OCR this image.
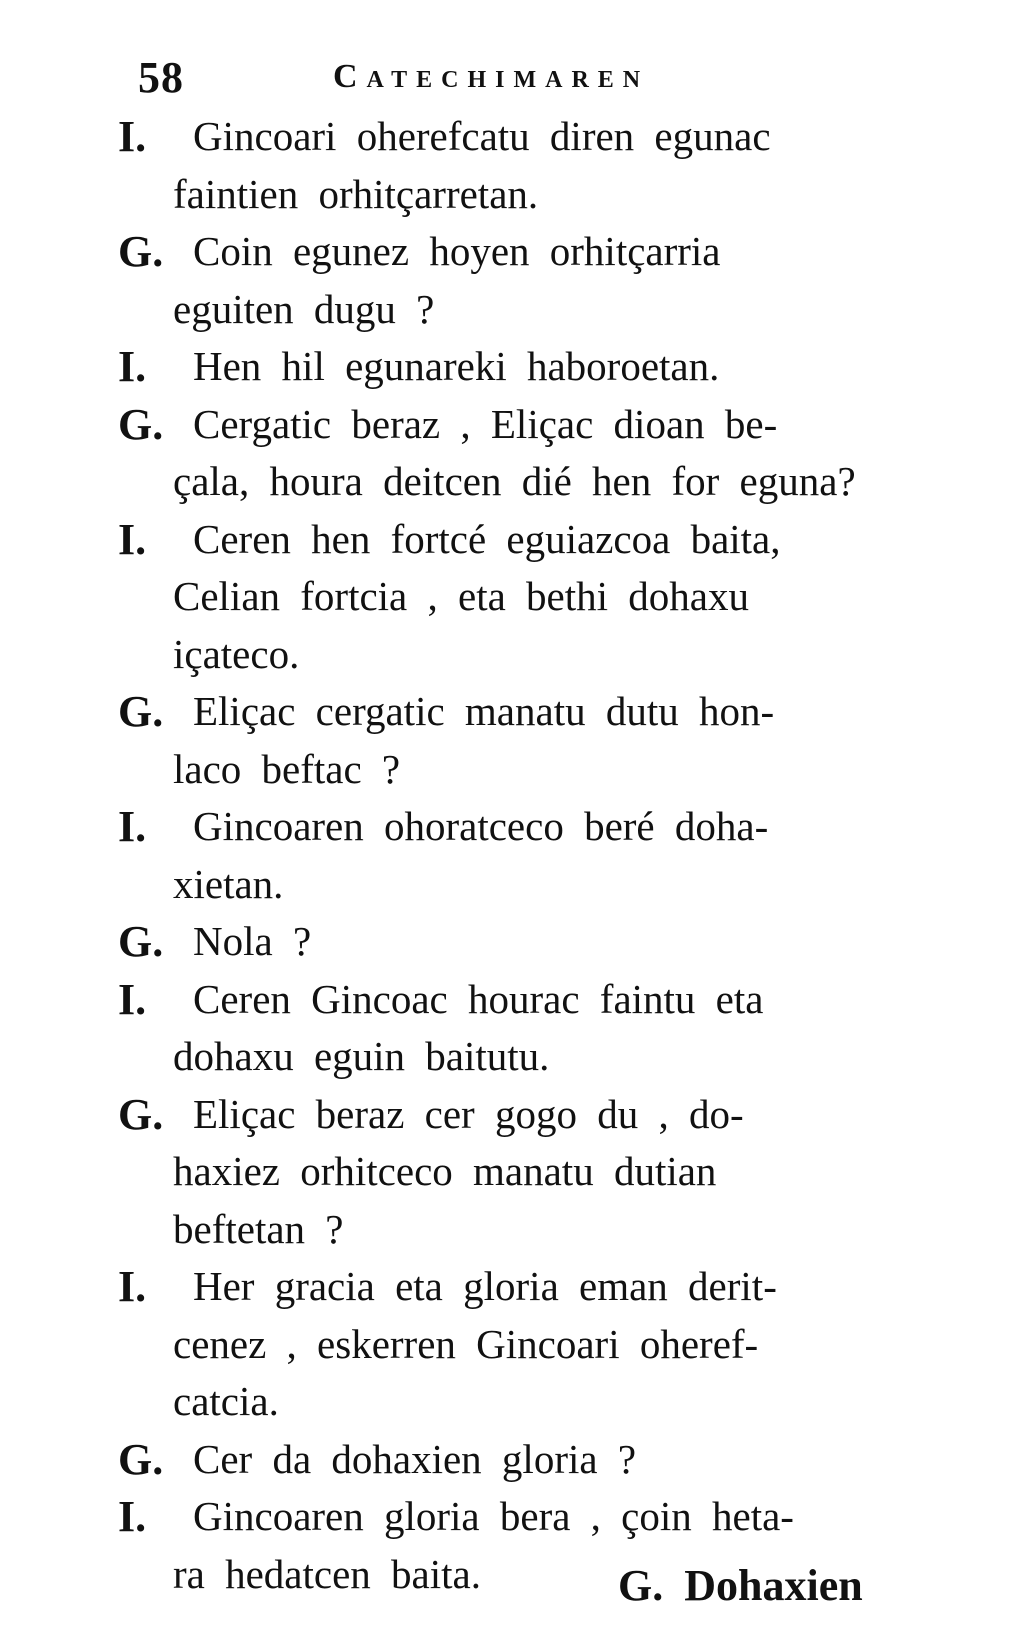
58	Catechimaren
I.	Gincoari oherefcatu diren egunac
faintien orhitçarretan.
G. Coin egunez hoyen orhitçarria
eguiten dugu ?
I.	Hen hil egunareki haboroetan.
G. Cergatic beraz , Eliçac dioan be-
çala, houra deitcen dié hen for eguna?
I.	Ceren hen fortcé eguiazcoa baita,
Celian fortcia , eta bethi dohaxu
içateco.
G. Eliçac cergatic manatu dutu hon-
laco beftac ?
I.	Gincoaren ohoratceco beré doha-
xietan.
G. Nola ?
I.	Ceren Gincoac hourac faintu eta
dohaxu eguin baitutu.
G. Eliçac beraz cer gogo du , do-
haxiez orhitceco manatu dutian
beftetan ?
I.	Her gracia eta gloria eman derit-
cenez , eskerren Gincoari oheref-
catcia.
G. Cer da dohaxien gloria ?
I.	Gincoaren gloria bera , çoin heta-
ra hedatcen baita.	G. Dohaxien
